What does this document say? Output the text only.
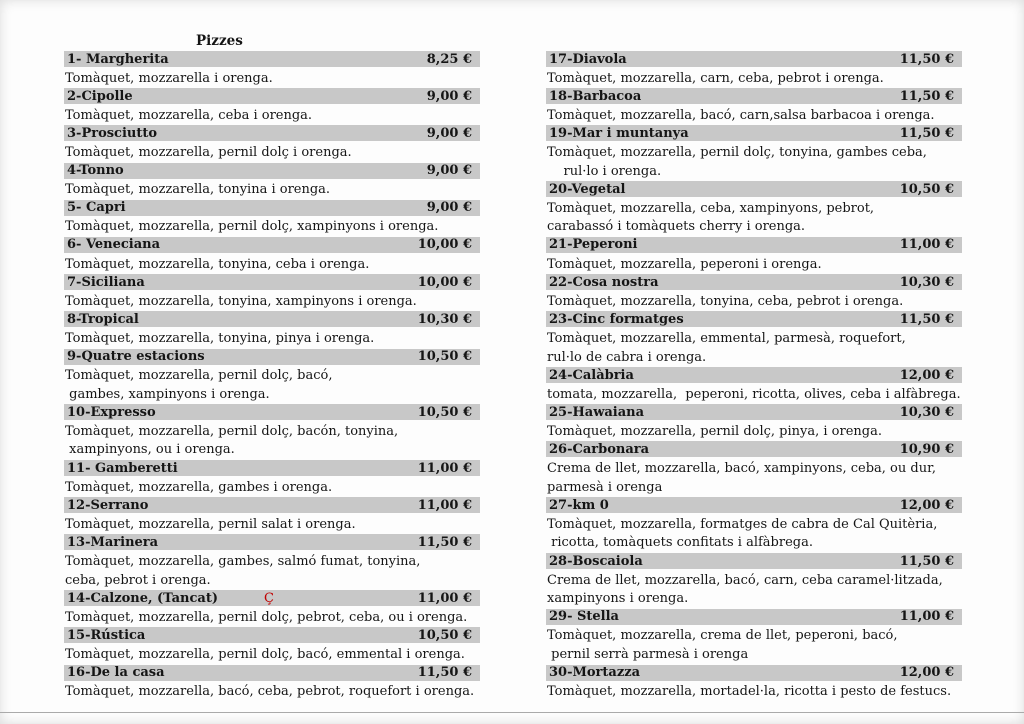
Pizzes
1- Margherita	8,25 €
Tomàquet, mozzarella i orenga.
2-Cipolle	9,00 €
Tomàquet, mozzarella, ceba i orenga.
3-Prosciutto	9,00 €
Tomàquet, mozzarella, pernil dolç i orenga.
4-Tonno	9,00 €
Tomàquet, mozzarella, tonyina i orenga.
5- Capri	9,00 €
Tomàquet, mozzarella, pernil dolç, xampinyons i orenga.
6- Veneciana	10,00 €
Tomàquet, mozzarella, tonyina, ceba i orenga.
7-Siciliana	10,00 €
Tomàquet, mozzarella, tonyina, xampinyons i orenga.
8-Tropical	10,30 €
Tomàquet, mozzarella, tonyina, pinya i orenga.
9-Quatre estacions	10,50 €
Tomàquet, mozzarella, pernil dolç, bacó,
gambes, xampinyons i orenga.
10-Expresso	10,50 €
Tomàquet, mozzarella, pernil dolç, bacón, tonyina,
xampinyons, ou i orenga.
11- Gamberetti	11,00 €
Tomàquet, mozzarella, gambes i orenga.
12-Serrano	11,00 €
Tomàquet, mozzarella, pernil salat i orenga.
13-Marinera	11,50 €
Tomàquet, mozzarella, gambes, salmó fumat, tonyina,
ceba, pebrot i orenga.
14-Calzone, (Tancat)	Ç	11,00 €
Tomàquet, mozzarella, pernil dolç, pebrot, ceba, ou i orenga.
15-Rústica	10,50 €
Tomàquet, mozzarella, pernil dolç, bacó, emmental i orenga.
16-De la casa	11,50 €
Tomàquet, mozzarella, bacó, ceba, pebrot, roquefort i orenga.
17-Diavola	11,50 €
Tomàquet, mozzarella, carn, ceba, pebrot i orenga.
18-Barbacoa	11,50 €
Tomàquet, mozzarella, bacó, carn,salsa barbacoa i orenga.
19-Mar i muntanya	11,50 €
Tomàquet, mozzarella, pernil dolç, tonyina, gambes ceba,
rul·lo i orenga.
20-Vegetal	10,50 €
Tomàquet, mozzarella, ceba, xampinyons, pebrot,
carabassó i tomàquets cherry i orenga.
21-Peperoni	11,00 €
Tomàquet, mozzarella, peperoni i orenga.
22-Cosa nostra	10,30 €
Tomàquet, mozzarella, tonyina, ceba, pebrot i orenga.
23-Cinc formatges	11,50 €
Tomàquet, mozzarella, emmental, parmesà, roquefort,
rul·lo de cabra i orenga.
24-Calàbria	12,00 €
tomata, mozzarella,  peperoni, ricotta, olives, ceba i alfàbrega.
25-Hawaiana	10,30 €
Tomàquet, mozzarella, pernil dolç, pinya, i orenga.
26-Carbonara	10,90 €
Crema de llet, mozzarella, bacó, xampinyons, ceba, ou dur,
parmesà i orenga
27-km 0	12,00 €
Tomàquet, mozzarella, formatges de cabra de Cal Quitèria,
ricotta, tomàquets confitats i alfàbrega.
28-Boscaiola	11,50 €
Crema de llet, mozzarella, bacó, carn, ceba caramel·litzada,
xampinyons i orenga.
29- Stella	11,00 €
Tomàquet, mozzarella, crema de llet, peperoni, bacó,
pernil serrà parmesà i orenga
30-Mortazza	12,00 €
Tomàquet, mozzarella, mortadel·la, ricotta i pesto de festucs.
